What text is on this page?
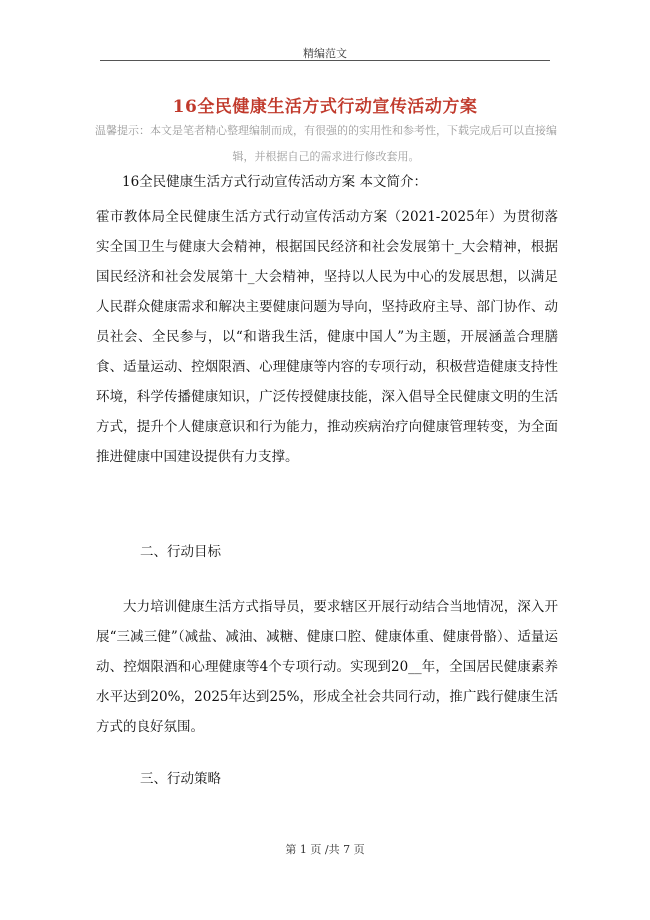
精编范文
16全民健康生活方式行动宣传活动方案
温馨提示：本文是笔者精心整理编制而成，有很强的的实用性和参考性，下载完成后可以直接编辑，并根据自己的需求进行修改套用。
16全民健康生活方式行动宣传活动方案 本文简介：

霍市教体局全民健康生活方式行动宣传活动方案（2021-2025年）为贯彻落实全国卫生与健康大会精神，根据国民经济和社会发展第十_大会精神，根据国民经济和社会发展第十_大会精神，坚持以人民为中心的发展思想，以满足人民群众健康需求和解决主要健康问题为导向，坚持政府主导、部门协作、动员社会、全民参与，以“和谐我生活，健康中国人”为主题，开展涵盖合理膳食、适量运动、控烟限酒、心理健康等内容的专项行动，积极营造健康支持性环境，科学传播健康知识，广泛传授健康技能，深入倡导全民健康文明的生活方式，提升个人健康意识和行为能力，推动疾病治疗向健康管理转变，为全面推进健康中国建设提供有力支撑。

二、行动目标

大力培训健康生活方式指导员，要求辖区开展行动结合当地情况，深入开展“三减三健”（减盐、减油、减糖、健康口腔、健康体重、健康骨骼）、适量运动、控烟限酒和心理健康等4个专项行动。实现到20__年，全国居民健康素养水平达到20%，2025年达到25%，形成全社会共同行动，推广践行健康生活方式的良好氛围。

三、行动策略
第 1 页 /共 7 页
